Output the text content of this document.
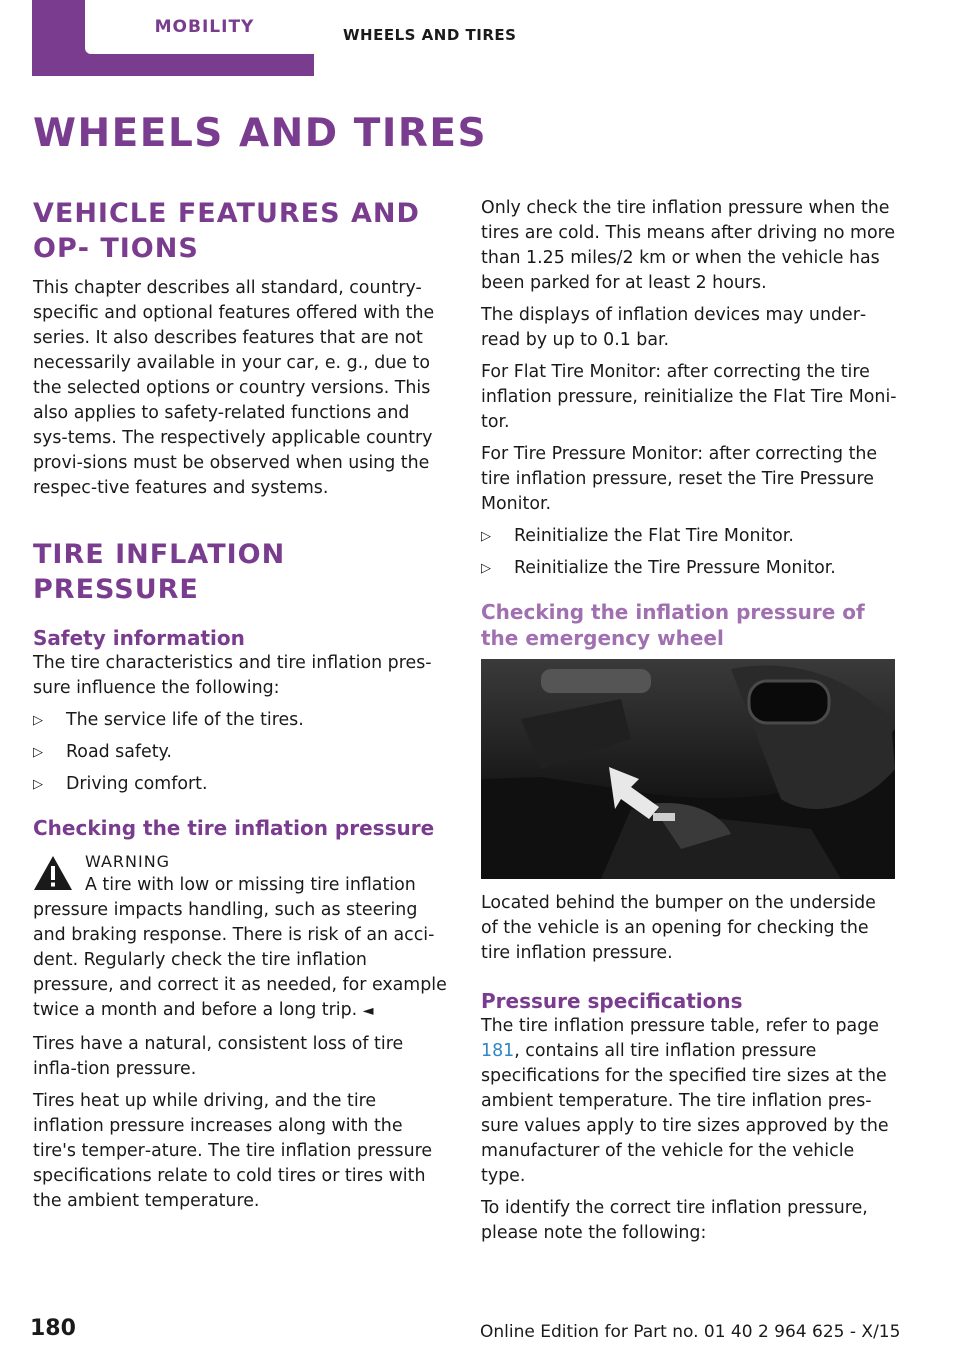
MOBILITY	WHEELS AND TIRES
WHEELS AND TIRES
VEHICLE FEATURES AND OP‐ TIONS

This chapter describes all standard, country-specific and optional features offered with the series. It also describes features that are not necessarily available in your car, e. g., due to the selected options or country versions. This also applies to safety-related functions and sys‐tems. The respectively applicable country provi‐sions must be observed when using the respec‐tive features and systems.

TIRE INFLATION PRESSURE
Safety information

The tire characteristics and tire inflation pres‐sure influence the following:

▷ The service life of the tires.
▷ Road safety.
▷ Driving comfort.
Checking the tire inflation pressure
WARNING

A tire with low or missing tire inflation pressure impacts handling, such as steering and braking response. There is risk of an acci‐dent. Regularly check the tire inflation pressure, and correct it as needed, for example twice a month and before a long trip. ◄

Tires have a natural, consistent loss of tire infla‐tion pressure.

Tires heat up while driving, and the tire inflation pressure increases along with the tire's temper‐ature. The tire inflation pressure specifications relate to cold tires or tires with the ambient temperature.

Only check the tire inflation pressure when the tires are cold. This means after driving no more than 1.25 miles/2 km or when the vehicle has been parked for at least 2 hours.

The displays of inflation devices may under‐read by up to 0.1 bar.

For Flat Tire Monitor: after correcting the tire inflation pressure, reinitialize the Flat Tire Moni‐tor.

For Tire Pressure Monitor: after correcting the tire inflation pressure, reset the Tire Pressure Monitor.

▷ Reinitialize the Flat Tire Monitor.
▷ Reinitialize the Tire Pressure Monitor.
Checking the inflation pressure of the emergency wheel

Located behind the bumper on the underside of the vehicle is an opening for checking the tire inflation pressure.

Pressure specifications

The tire inflation pressure table, refer to page 181, contains all tire inflation pressure specifications for the specified tire sizes at the ambient temperature. The tire inflation pres‐sure values apply to tire sizes approved by the manufacturer of the vehicle for the vehicle type.

To identify the correct tire inflation pressure, please note the following:

180	Online Edition for Part no. 01 40 2 964 625 - X/15
